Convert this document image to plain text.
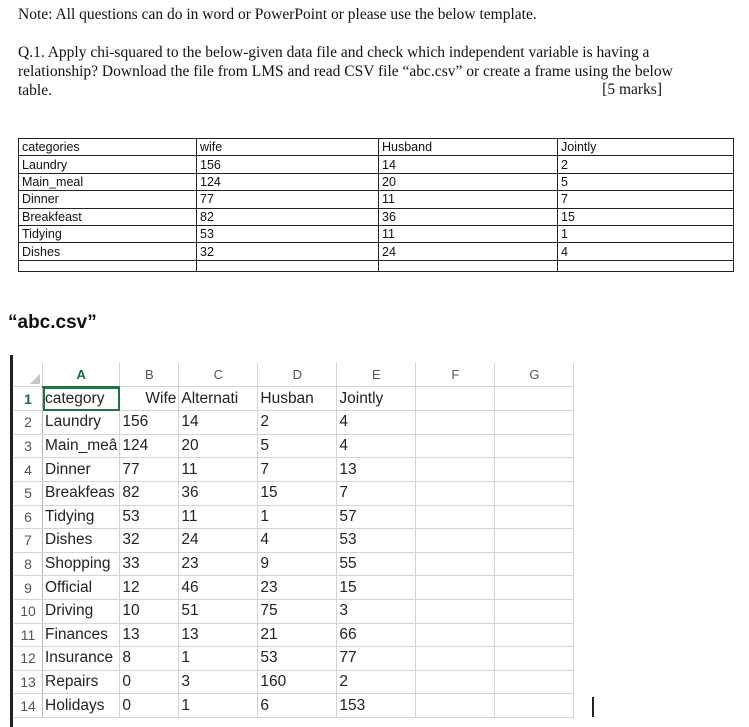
Note: All questions can do in word or PowerPoint or please use the below template.
Q.1. Apply chi-squared to the below-given data file and check which independent variable is having a
relationship? Download the file from LMS and read CSV file “abc.csv” or create a frame using the below
table.	[5 marks]
categories	wife	Husband	Jointly
Laundry	156	14	2
Main_meal	124	20	5
Dinner	77	11	7
Breakfeast	82	36	15
Tidying	53	11	1
Dishes	32	24	4

“abc.csv”
	A	B	C	D	E	F	G
1	category	Wife	Alternati	Husban	Jointly		
2	Laundry	156	14	2	4		
3	Main_meâ	124	20	5	4		
4	Dinner	77	11	7	13		
5	Breakfeas	82	36	15	7		
6	Tidying	53	11	1	57		
7	Dishes	32	24	4	53		
8	Shopping	33	23	9	55		
9	Official	12	46	23	15		
10	Driving	10	51	75	3		
11	Finances	13	13	21	66		
12	Insurance	8	1	53	77		
13	Repairs	0	3	160	2		
14	Holidays	0	1	6	153		
